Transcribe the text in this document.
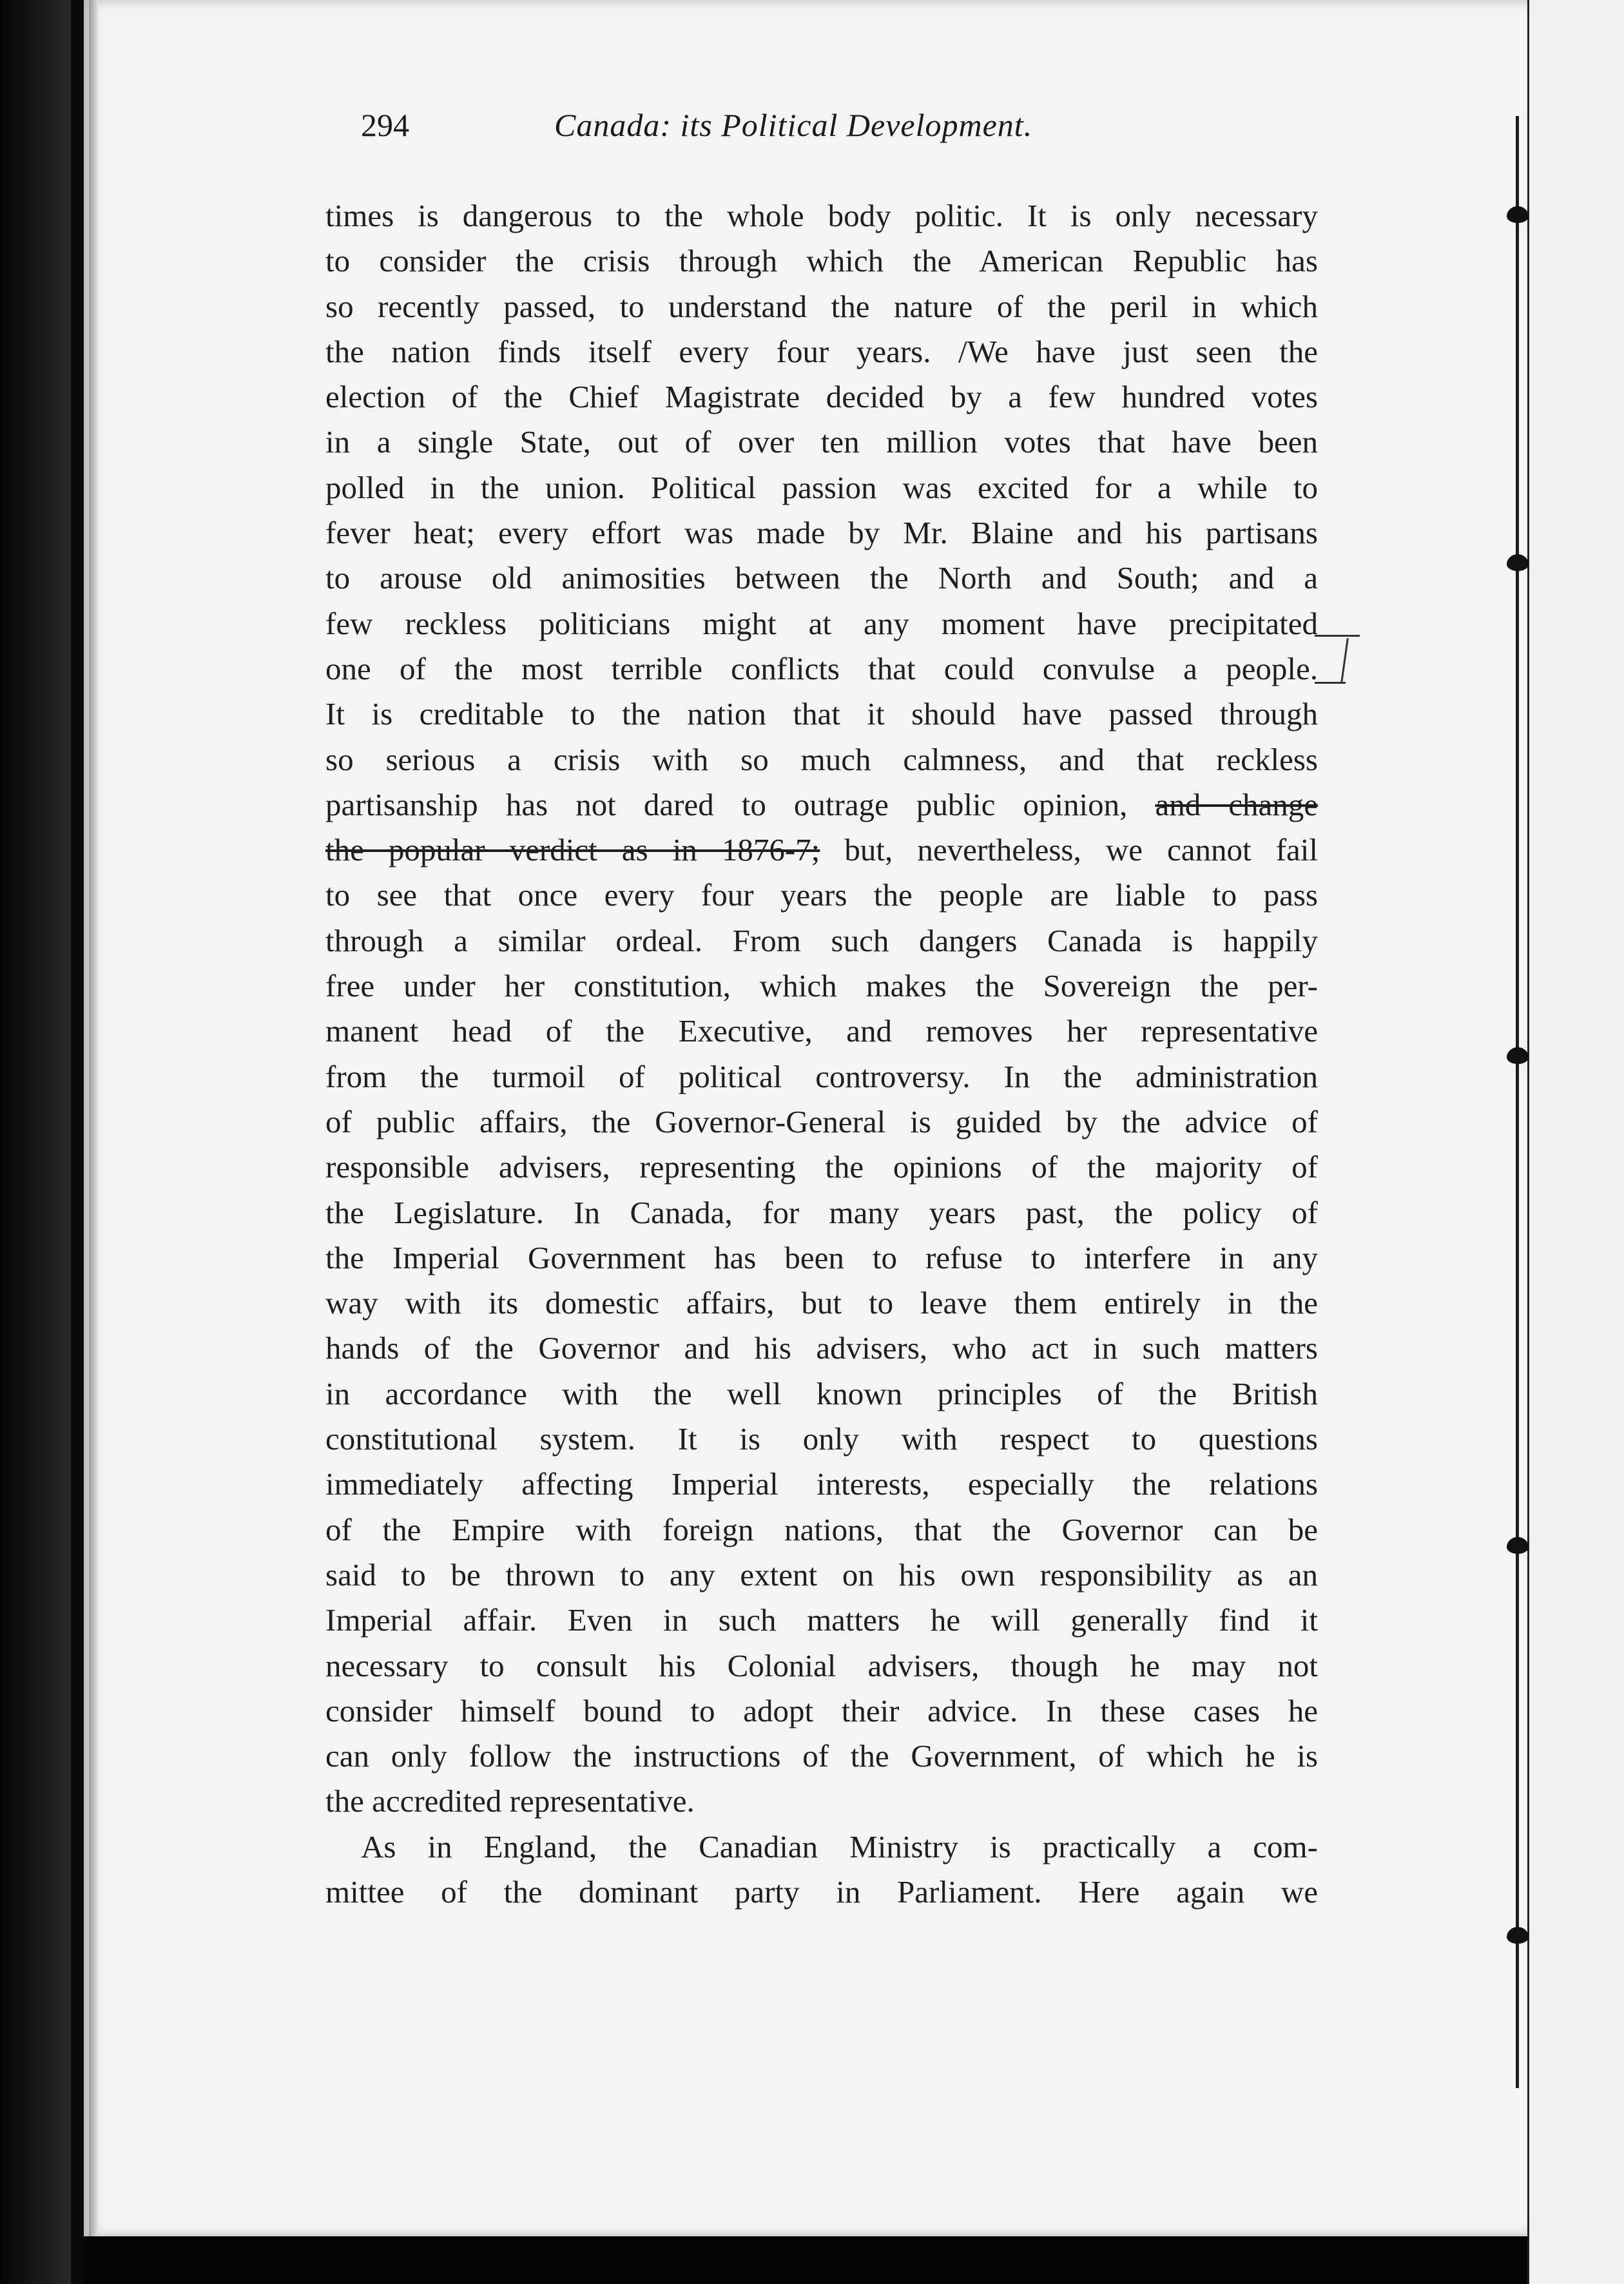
294	Canada: its Political Development.
times is dangerous to the whole body politic. It is only necessary
to consider the crisis through which the American Republic has
so recently passed, to understand the nature of the peril in which
the nation finds itself every four years. /We have just seen the
election of the Chief Magistrate decided by a few hundred votes
in a single State, out of over ten million votes that have been
polled in the union. Political passion was excited for a while to
fever heat; every effort was made by Mr. Blaine and his partisans
to arouse old animosities between the North and South; and a
few reckless politicians might at any moment have precipitated
one of the most terrible conflicts that could convulse a people.
It is creditable to the nation that it should have passed through
so serious a crisis with so much calmness, and that reckless
partisanship has not dared to outrage public opinion, and change
the popular verdict as in 1876-7; but, nevertheless, we cannot fail
to see that once every four years the people are liable to pass
through a similar ordeal. From such dangers Canada is happily
free under her constitution, which makes the Sovereign the per-
manent head of the Executive, and removes her representative
from the turmoil of political controversy. In the administration
of public affairs, the Governor-General is guided by the advice of
responsible advisers, representing the opinions of the majority of
the Legislature. In Canada, for many years past, the policy of
the Imperial Government has been to refuse to interfere in any
way with its domestic affairs, but to leave them entirely in the
hands of the Governor and his advisers, who act in such matters
in accordance with the well known principles of the British
constitutional system. It is only with respect to questions
immediately affecting Imperial interests, especially the relations
of the Empire with foreign nations, that the Governor can be
said to be thrown to any extent on his own responsibility as an
Imperial affair. Even in such matters he will generally find it
necessary to consult his Colonial advisers, though he may not
consider himself bound to adopt their advice. In these cases he
can only follow the instructions of the Government, of which he is
the accredited representative.
As in England, the Canadian Ministry is practically a com-
mittee of the dominant party in Parliament. Here again we
